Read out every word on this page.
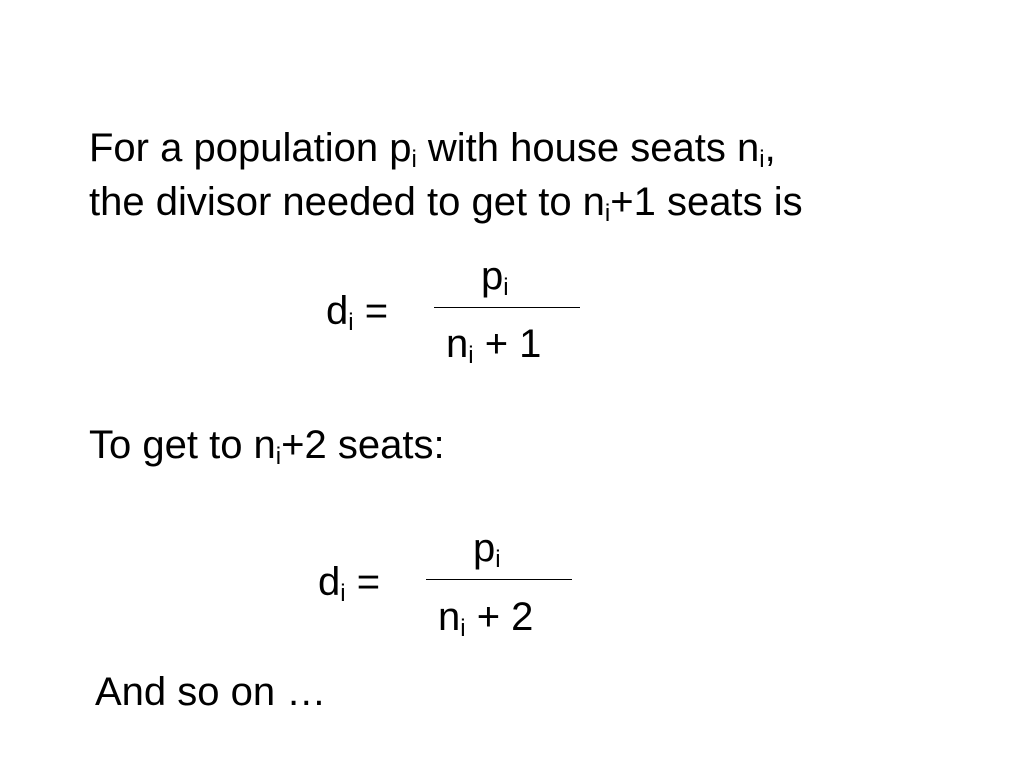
For a population $p_i$ with house seats $n_i$,
the divisor needed to get to $n_i+1$ seats is
$d_i$ =
$p_i$
$n_i + 1$
To get to $n_i+2$ seats:
$d_i$ =
$p_i$
$n_i + 2$
And so on …
